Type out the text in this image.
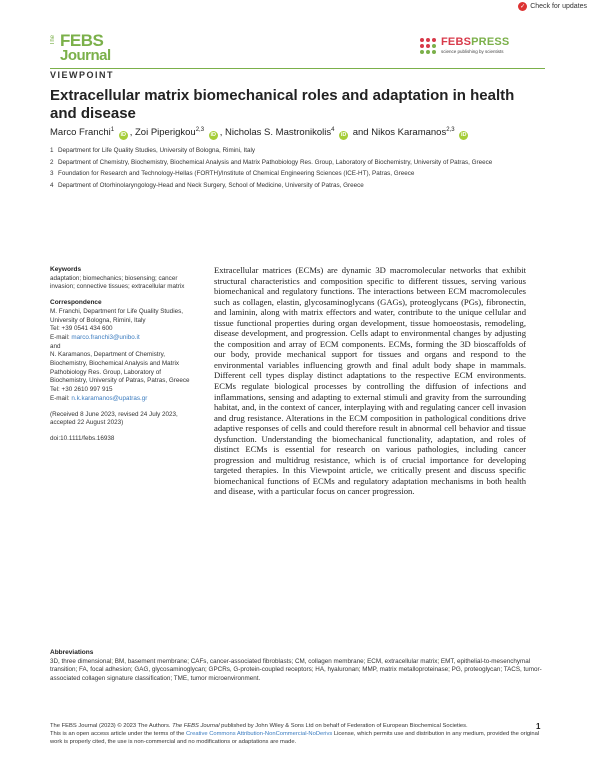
✓ Check for updates
The FEBS
Journal
FEBSPRESS
science publishing by scientists
VIEWPOINT
Extracellular matrix biomechanical roles and adaptation in health and disease
Marco Franchi$^1$ iD , Zoi Piperigkou$^{2,3}$ iD , Nicholas S. Mastronikolis$^4$ iD and Nikos Karamanos$^{2,3}$ iD
1 Department for Life Quality Studies, University of Bologna, Rimini, Italy
2 Department of Chemistry, Biochemistry, Biochemical Analysis and Matrix Pathobiology Res. Group, Laboratory of Biochemistry, University of Patras, Greece
3 Foundation for Research and Technology-Hellas (FORTH)/Institute of Chemical Engineering Sciences (ICE-HT), Patras, Greece
4 Department of Otorhinolaryngology-Head and Neck Surgery, School of Medicine, University of Patras, Greece
Keywords
adaptation; biomechanics; biosensing; cancer invasion; connective tissues; extracellular matrix
Correspondence
M. Franchi, Department for Life Quality Studies, University of Bologna, Rimini, Italy
Tel: +39 0541 434 600
E-mail: marco.franchi3@unibo.it
and
N. Karamanos, Department of Chemistry, Biochemistry, Biochemical Analysis and Matrix Pathobiology Res. Group, Laboratory of Biochemistry, University of Patras, Patras, Greece
Tel: +30 2610 997 915
E-mail: n.k.karamanos@upatras.gr
(Received 8 June 2023, revised 24 July 2023, accepted 22 August 2023)
doi:10.1111/febs.16938
Extracellular matrices (ECMs) are dynamic 3D macromolecular networks that exhibit structural characteristics and composition specific to different tissues, serving various biomechanical and regulatory functions. The interactions between ECM macromolecules such as collagen, elastin, glycosaminoglycans (GAGs), proteoglycans (PGs), fibronectin, and laminin, along with matrix effectors and water, contribute to the unique cellular and tissue functional properties during organ development, tissue homoeostasis, remodeling, disease development, and progression. Cells adapt to environmental changes by adjusting the composition and array of ECM components. ECMs, forming the 3D bioscaffolds of our body, provide mechanical support for tissues and organs and respond to the environmental variables influencing growth and final adult body shape in mammals. Different cell types display distinct adaptations to the respective ECM environments. ECMs regulate biological processes by controlling the diffusion of infections and inflammations, sensing and adapting to external stimuli and gravity from the surrounding habitat, and, in the context of cancer, interplaying with and regulating cancer cell invasion and drug resistance. Alterations in the ECM composition in pathological conditions drive adaptive responses of cells and could therefore result in abnormal cell behavior and tissue dysfunction. Understanding the biomechanical functionality, adaptation, and roles of distinct ECMs is essential for research on various pathologies, including cancer progression and multidrug resistance, which is of crucial importance for developing targeted therapies. In this Viewpoint article, we critically present and discuss specific biomechanical functions of ECMs and regulatory adaptation mechanisms in both health and disease, with a particular focus on cancer progression.
Abbreviations
3D, three dimensional; BM, basement membrane; CAFs, cancer-associated fibroblasts; CM, collagen membrane; ECM, extracellular matrix; EMT, epithelial-to-mesenchymal transition; FA, focal adhesion; GAG, glycosaminoglycan; GPCRs, G-protein-coupled receptors; HA, hyaluronan; MMP, matrix metalloproteinase; PG, proteoglycan; TACS, tumor-associated collagen signature classification; TME, tumor microenvironment.
The FEBS Journal (2023) © 2023 The Authors. The FEBS Journal published by John Wiley & Sons Ltd on behalf of Federation of European Biochemical Societies.
This is an open access article under the terms of the Creative Commons Attribution-NonCommercial-NoDerivs License, which permits use and distribution in any medium, provided the original work is properly cited, the use is non-commercial and no modifications or adaptations are made.
1
